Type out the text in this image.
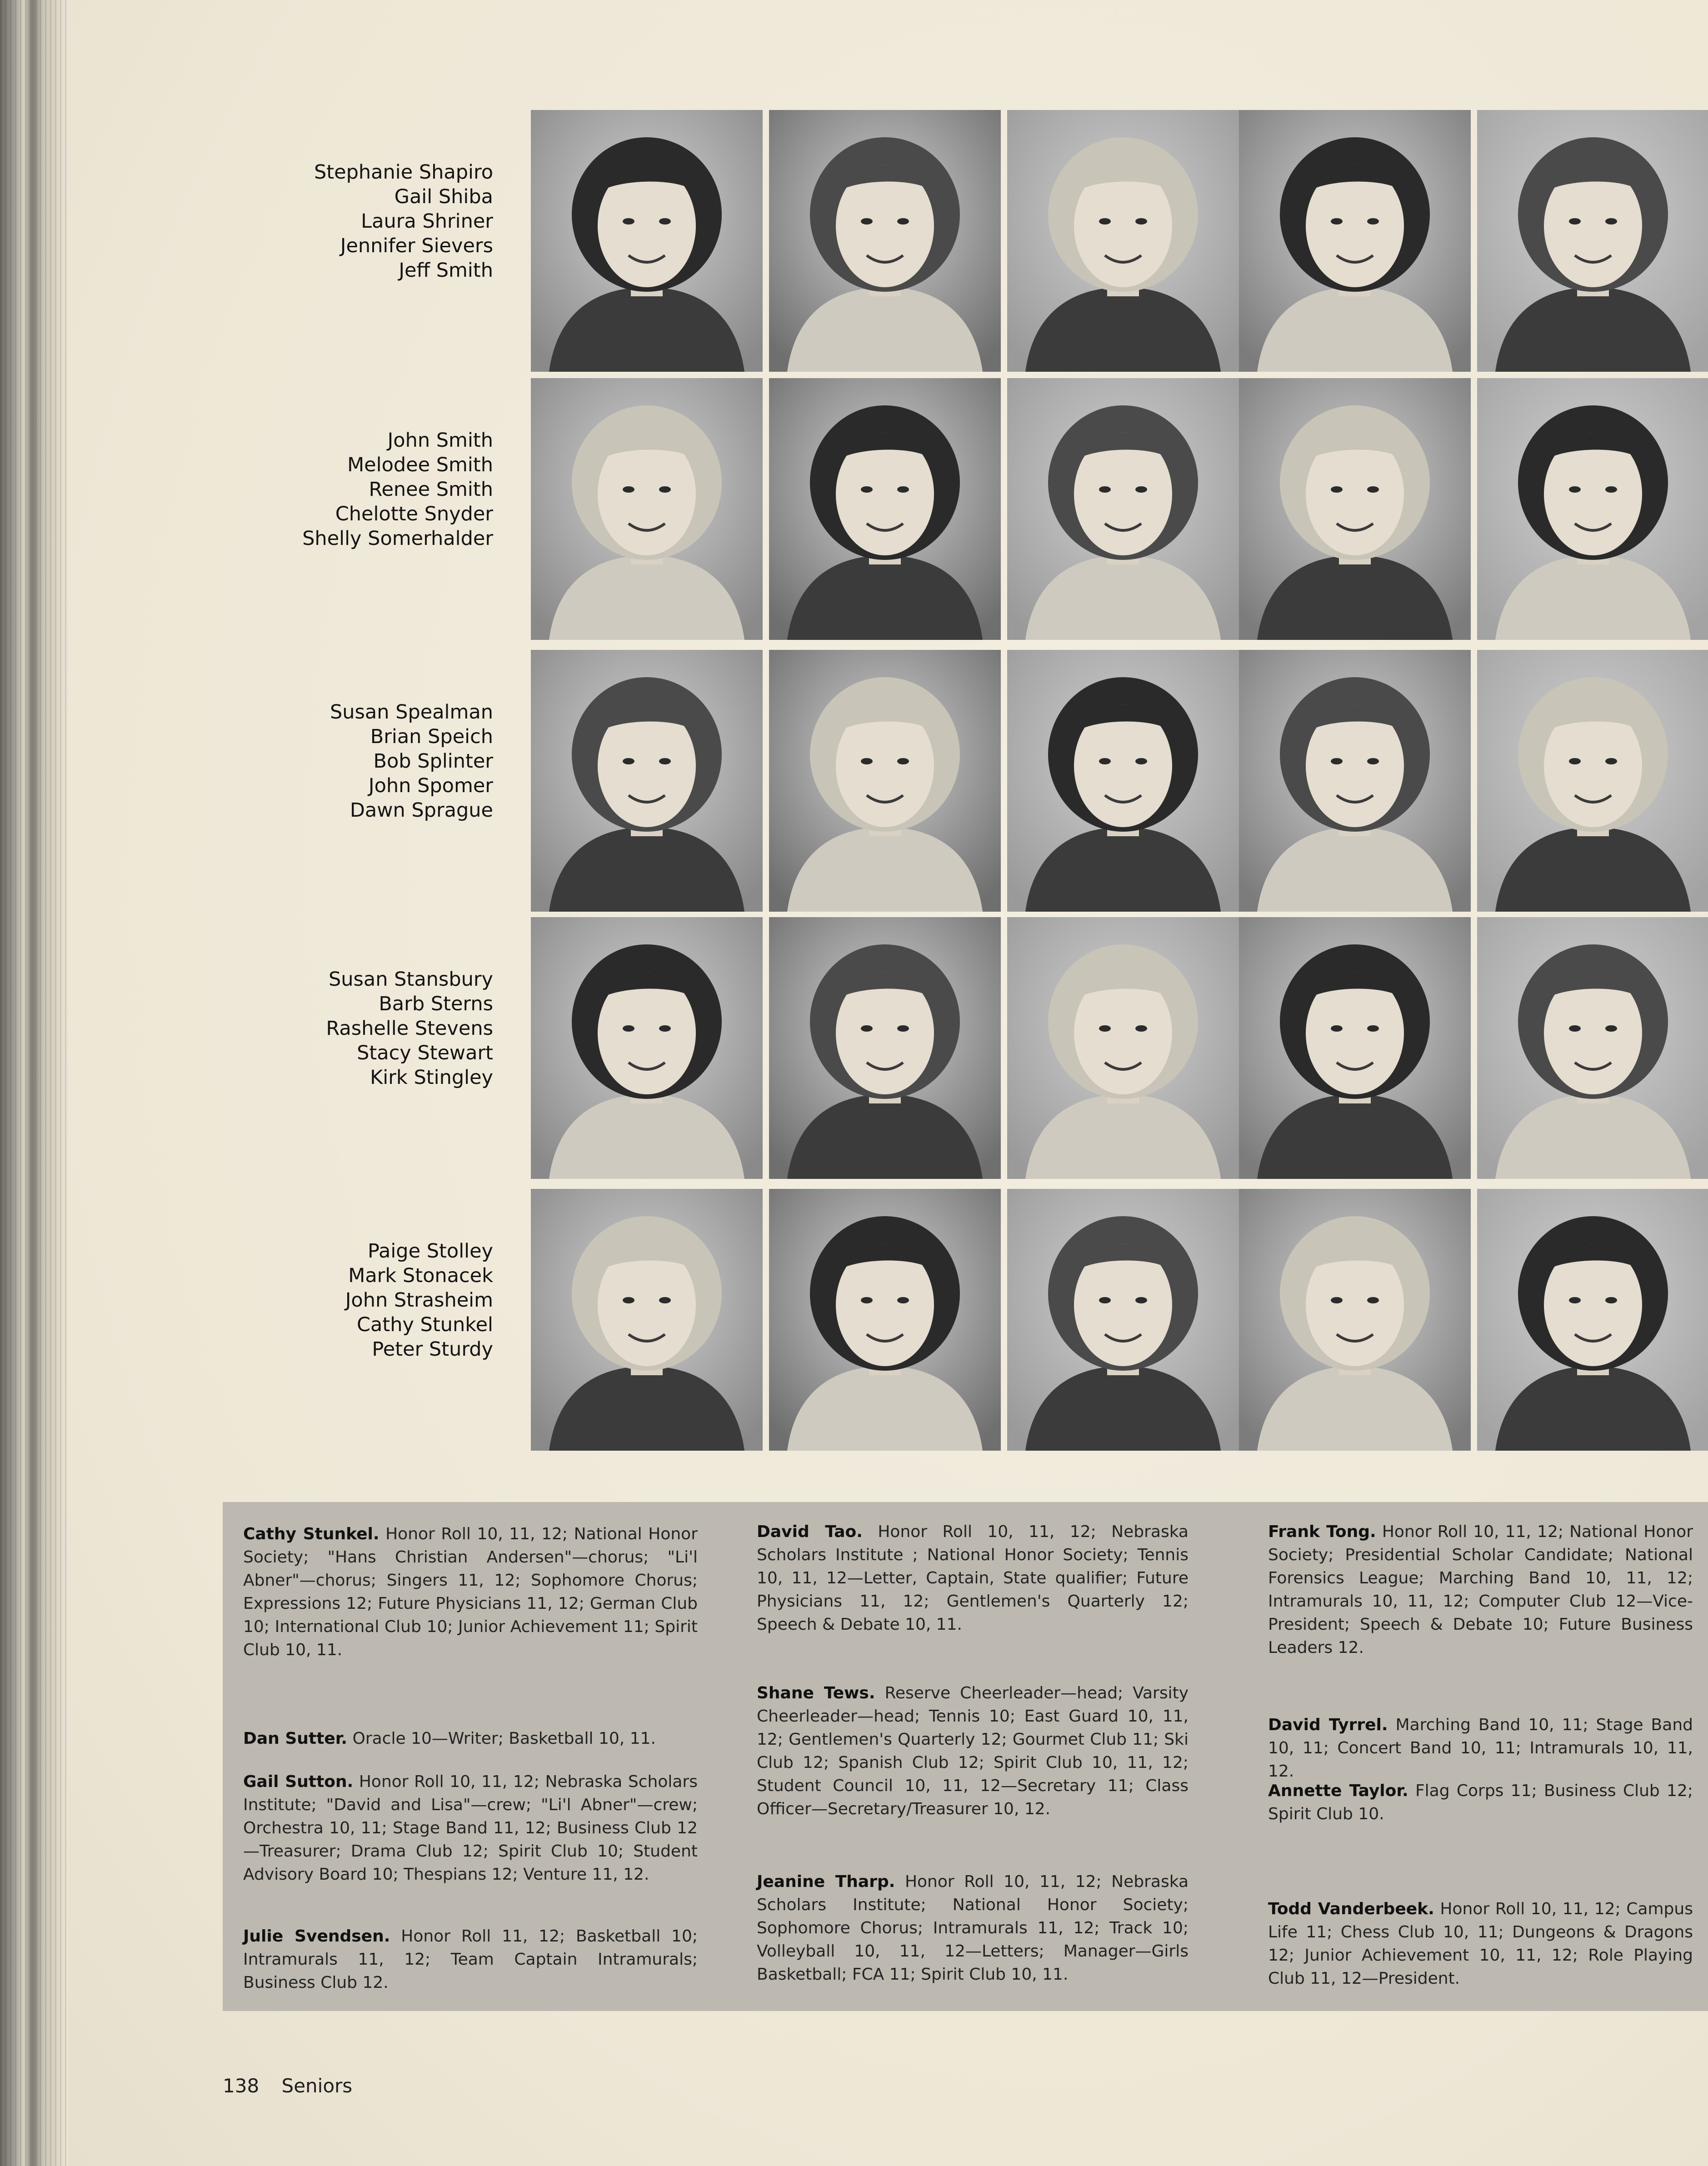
Stephanie Shapiro
Gail Shiba
Laura Shriner
Jennifer Sievers
Jeff Smith
John Smith
Melodee Smith
Renee Smith
Chelotte Snyder
Shelly Somerhalder
Susan Spealman
Brian Speich
Bob Splinter
John Spomer
Dawn Sprague
Susan Stansbury
Barb Sterns
Rashelle Stevens
Stacy Stewart
Kirk Stingley
Paige Stolley
Mark Stonacek
John Strasheim
Cathy Stunkel
Peter Sturdy
Cathy Stunkel. Honor Roll 10, 11, 12; National Honor Society; "Hans Christian Andersen"—chorus; "Li'l Abner"—chorus; Singers 11, 12; Sophomore Chorus; Expressions 12; Future Physicians 11, 12; German Club 10; International Club 10; Junior Achievement 11; Spirit Club 10, 11.
Dan Sutter. Oracle 10—Writer; Basketball 10, 11.
Gail Sutton. Honor Roll 10, 11, 12; Nebraska Scholars Institute; "David and Lisa"—crew; "Li'l Abner"—crew; Orchestra 10, 11; Stage Band 11, 12; Business Club 12—Treasurer; Drama Club 12; Spirit Club 10; Student Advisory Board 10; Thespians 12; Venture 11, 12.
Julie Svendsen. Honor Roll 11, 12; Basketball 10; Intramurals 11, 12; Team Captain Intramurals; Business Club 12.
David Tao. Honor Roll 10, 11, 12; Nebraska Scholars Institute ; National Honor Society; Tennis 10, 11, 12—Letter, Captain, State qualifier; Future Physicians 11, 12; Gentlemen's Quarterly 12; Speech & Debate 10, 11.
Shane Tews. Reserve Cheerleader—head; Varsity Cheerleader—head; Tennis 10; East Guard 10, 11, 12; Gentlemen's Quarterly 12; Gourmet Club 11; Ski Club 12; Spanish Club 12; Spirit Club 10, 11, 12; Student Council 10, 11, 12—Secretary 11; Class Officer—Secretary/Treasurer 10, 12.
Jeanine Tharp. Honor Roll 10, 11, 12; Nebraska Scholars Institute; National Honor Society; Sophomore Chorus; Intramurals 11, 12; Track 10; Volleyball 10, 11, 12—Letters; Manager—Girls Basketball; FCA 11; Spirit Club 10, 11.
Frank Tong. Honor Roll 10, 11, 12; National Honor Society; Presidential Scholar Candidate; National Forensics League; Marching Band 10, 11, 12; Intramurals 10, 11, 12; Computer Club 12—Vice-President; Speech & Debate 10; Future Business Leaders 12.
David Tyrrel. Marching Band 10, 11; Stage Band 10, 11; Concert Band 10, 11; Intramurals 10, 11, 12.
Annette Taylor. Flag Corps 11; Business Club 12; Spirit Club 10.
Todd Vanderbeek. Honor Roll 10, 11, 12; Campus Life 11; Chess Club 10, 11; Dungeons & Dragons 12; Junior Achievement 10, 11, 12; Role Playing Club 11, 12—President.
138 Seniors
